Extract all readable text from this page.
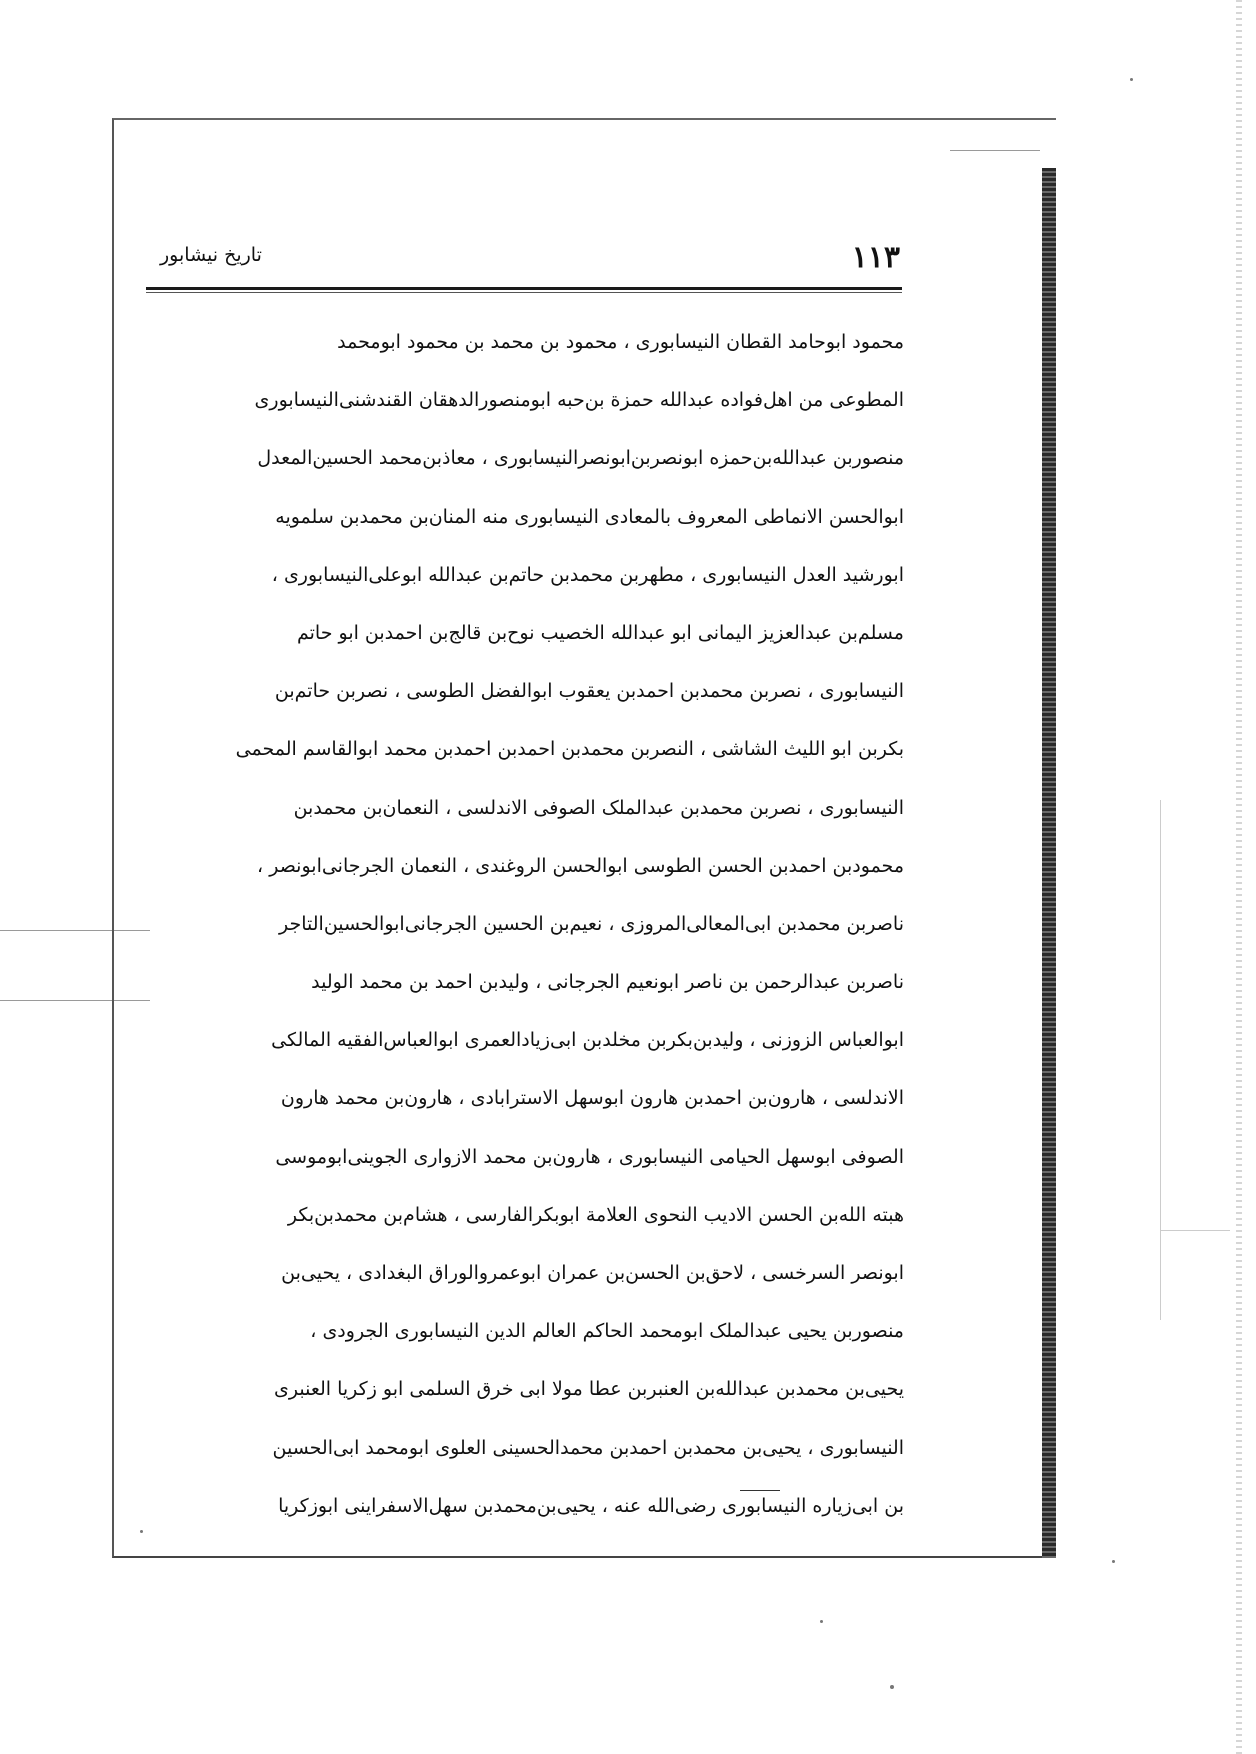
١١٣
تاریخ نیشابور
محمود ابوحامد القطان النیسابوری ، محمود بن محمد بن محمود ابومحمد
المطوعی من اهل‌فواده عبدالله حمزة بن‌حبه ابومنصورالدهقان القندشنی‌النیسابوری
منصوربن عبدالله‌بن‌حمزه ابونصربن‌ابونصرالنیسابوری ، معاذبن‌محمد الحسین‌المعدل
ابوالحسن الانماطی المعروف بالمعادی النیسابوری منه المنان‌بن محمدبن سلمویه
ابورشید العدل النیسابوری ، مطهربن محمدبن حاتم‌بن عبدالله ابوعلی‌النیسابوری ،
مسلم‌بن عبدالعزیز الیمانی ابو عبدالله الخصیب نوح‌بن قالج‌بن احمدبن ابو حاتم
النیسابوری ، نصربن محمدبن احمدبن یعقوب ابوالفضل الطوسی ، نصربن حاتم‌بن
بکربن ابو اللیث الشاشی ، النصربن محمدبن احمدبن احمدبن محمد ابوالقاسم المحمی
النیسابوری ، نصربن محمدبن عبدالملک الصوفی الاندلسی ، النعمان‌بن محمدبن
محمودبن احمدبن الحسن الطوسی ابوالحسن الروغندی ، النعمان الجرجانی‌ابونصر ،
ناصربن محمدبن ابی‌المعالی‌المروزی ، نعیم‌بن الحسین الجرجانی‌ابوالحسین‌التاجر
ناصربن عبدالرحمن بن ناصر ابونعیم الجرجانی ، ولیدبن احمد بن محمد الولید
ابوالعباس الزوزنی ، ولیدبن‌بکربن مخلدبن ابی‌زیادالعمری ابوالعباس‌الفقیه المالکی
الاندلسی ، هارون‌بن احمدبن هارون ابوسهل الاسترابادی ، هارون‌بن محمد هارون
الصوفی ابوسهل الحیامی النیسابوری ، هارون‌بن محمد الازواری الجوینی‌ابوموسی
هبته الله‌بن الحسن الادیب النحوی العلامة ابوبکرالفارسی ، هشام‌بن محمدبن‌بکر
ابونصر السرخسی ، لاحق‌بن الحسن‌بن عمران ابوعمروالوراق البغدادی ، یحیی‌بن
منصوربن یحیی عبدالملک ابومحمد الحاکم العالم الدین النیسابوری الجرودی ،
یحیی‌بن محمدبن عبدالله‌بن العنبربن عطا مولا ابی خرق السلمی ابو زکریا العنبری
النیسابوری ، یحیی‌بن محمدبن احمدبن محمدالحسینی العلوی ابومحمد ابی‌الحسین
بن ابی‌زیاره النیسابوری رضی‌الله عنه ، یحیی‌بن‌محمدبن سهل‌الاسفراینی ابوزکریا
